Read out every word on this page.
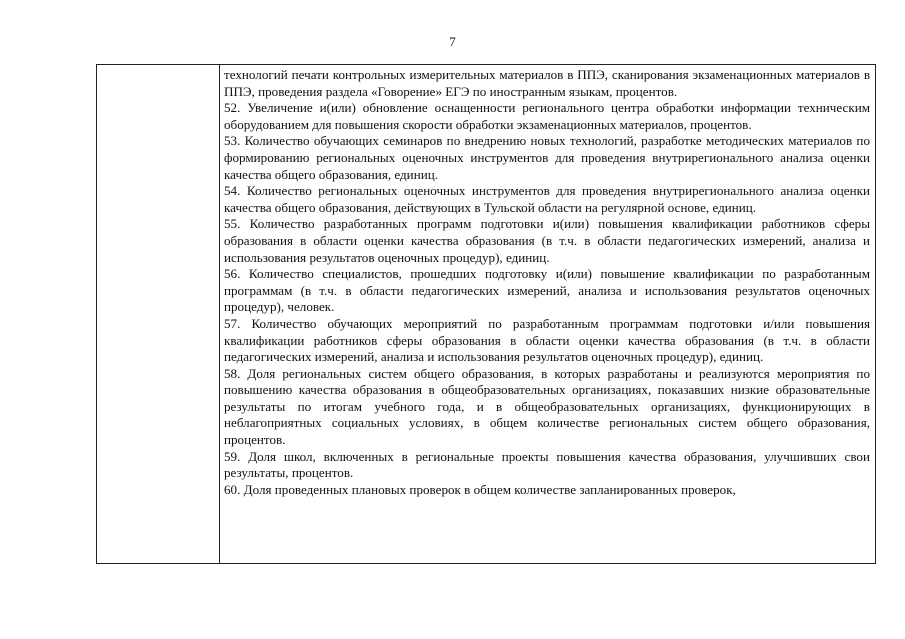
7

технологий печати контрольных измерительных материалов в ППЭ, сканирования экзаменационных материалов в ППЭ, проведения раздела «Говорение» ЕГЭ по иностранным языкам, процентов.

52. Увеличение и(или) обновление оснащенности регионального центра обработки информации техническим оборудованием для повышения скорости обработки экзаменационных материалов, процентов.

53. Количество обучающих семинаров по внедрению новых технологий, разработке методических материалов по формированию региональных оценочных инструментов для проведения внутрирегионального анализа оценки качества общего образования, единиц.

54. Количество региональных оценочных инструментов для проведения внутрирегионального анализа оценки качества общего образования, действующих в Тульской области на регулярной основе, единиц.

55. Количество разработанных программ подготовки и(или) повышения квалификации работников сферы образования в области оценки качества образования (в т.ч. в области педагогических измерений, анализа и использования результатов оценочных процедур), единиц.

56. Количество специалистов, прошедших подготовку и(или) повышение квалификации по разработанным программам (в т.ч. в области педагогических измерений, анализа и использования результатов оценочных процедур), человек.

57. Количество обучающих мероприятий по разработанным программам подготовки и/или повышения квалификации работников сферы образования в области оценки качества образования (в т.ч. в области педагогических измерений, анализа и использования результатов оценочных процедур), единиц.

58. Доля региональных систем общего образования, в которых разработаны и реализуются мероприятия по повышению качества образования в общеобразовательных организациях, показавших низкие образовательные результаты по итогам учебного года, и в общеобразовательных организациях, функционирующих в неблагоприятных социальных условиях, в общем количестве региональных систем общего образования, процентов.

59. Доля школ, включенных в региональные проекты повышения качества образования, улучшивших свои результаты, процентов.

60. Доля проведенных плановых проверок в общем количестве запланированных проверок,
